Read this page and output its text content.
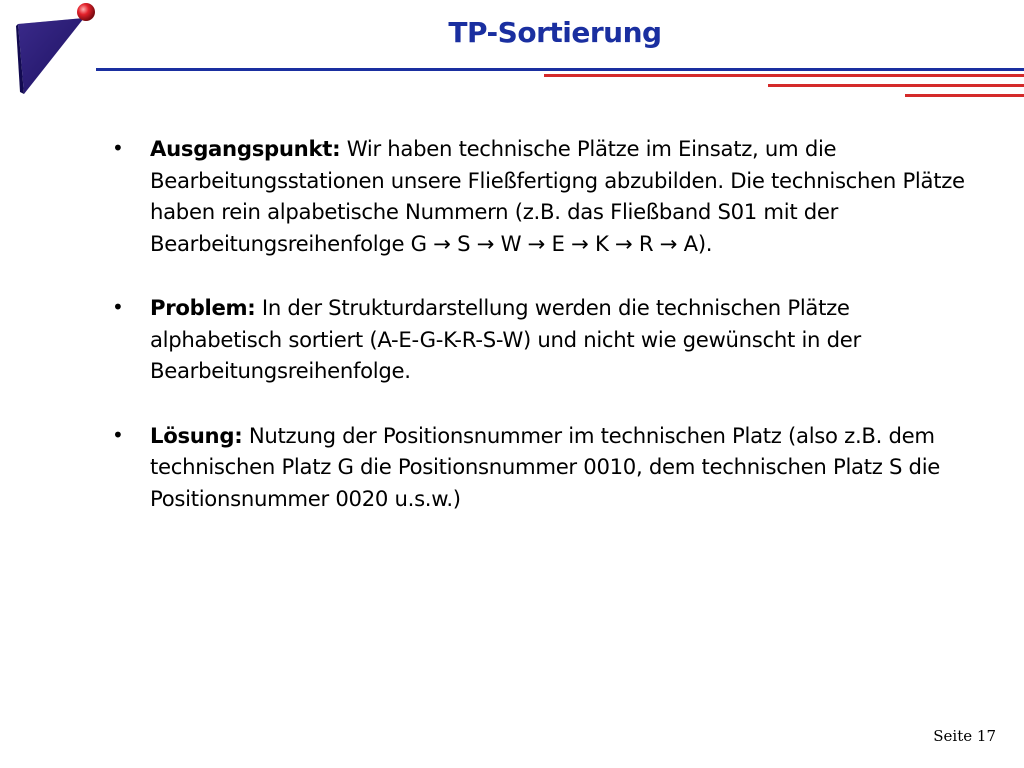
TP-Sortierung
• Ausgangspunkt: Wir haben technische Plätze im Einsatz, um die Bearbeitungsstationen unsere Fließfertigng abzubilden. Die technischen Plätze haben rein alpabetische Nummern (z.B. das Fließband S01 mit der Bearbeitungsreihenfolge G → S → W → E → K → R → A).
• Problem: In der Strukturdarstellung werden die technischen Plätze alphabetisch sortiert (A-E-G-K-R-S-W) und nicht wie gewünscht in der Bearbeitungsreihenfolge.
• Lösung: Nutzung der Positionsnummer im technischen Platz (also z.B. dem technischen Platz G die Positionsnummer 0010, dem technischen Platz S die Positionsnummer 0020 u.s.w.)
Seite 17
